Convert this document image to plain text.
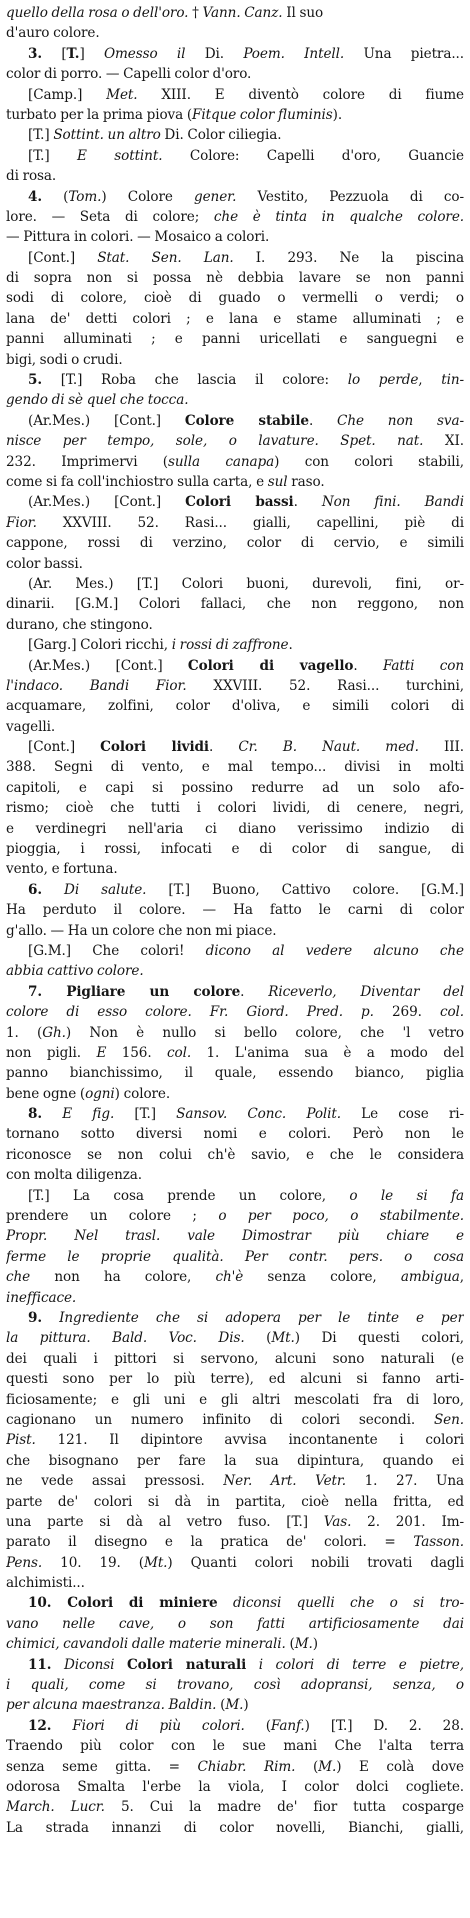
quello della rosa o dell'oro. † Vann. Canz. Il suo
d'auro colore.
3. [T.] Omesso il Di. Poem. Intell. Una pietra...
color di porro. — Capelli color d'oro.
[Camp.] Met. XIII. E diventò colore di fiume
turbato per la prima piova (Fitque color fluminis).
[T.] Sottint. un altro Di. Color ciliegia.
[T.] E sottint. Colore: Capelli d'oro, Guancie
di rosa.
4. (Tom.) Colore gener. Vestito, Pezzuola di co-
lore. — Seta di colore; che è tinta in qualche colore.
— Pittura in colori. — Mosaico a colori.
[Cont.] Stat. Sen. Lan. I. 293. Ne la piscina
di sopra non si possa nè debbia lavare se non panni
sodi di colore, cioè di guado o vermelli o verdi; o
lana de' detti colori ; e lana e stame alluminati ; e
panni alluminati ; e panni uricellati e sanguegni e
bigi, sodi o crudi.
5. [T.] Roba che lascia il colore: lo perde, tin-
gendo di sè quel che tocca.
(Ar.Mes.) [Cont.] Colore stabile. Che non sva-
nisce per tempo, sole, o lavature. Spet. nat. XI.
232. Imprimervi (sulla canapa) con colori stabili,
come si fa coll'inchiostro sulla carta, e sul raso.
(Ar.Mes.) [Cont.] Colori bassi. Non fini. Bandi
Fior. XXVIII. 52. Rasi... gialli, capellini, piè di
cappone, rossi di verzino, color di cervio, e simili
color bassi.
(Ar. Mes.) [T.] Colori buoni, durevoli, fini, or-
dinarii. [G.M.] Colori fallaci, che non reggono, non
durano, che stingono.
[Garg.] Colori ricchi, i rossi di zaffrone.
(Ar.Mes.) [Cont.] Colori di vagello. Fatti con
l'indaco. Bandi Fior. XXVIII. 52. Rasi... turchini,
acquamare, zolfini, color d'oliva, e simili colori di
vagelli.
[Cont.] Colori lividi. Cr. B. Naut. med. III.
388. Segni di vento, e mal tempo... divisi in molti
capitoli, e capi si possino redurre ad un solo afo-
rismo; cioè che tutti i colori lividi, di cenere, negri,
e verdinegri nell'aria ci diano verissimo indizio di
pioggia, i rossi, infocati e di color di sangue, di
vento, e fortuna.
6. Di salute. [T.] Buono, Cattivo colore. [G.M.]
Ha perduto il colore. — Ha fatto le carni di color
g'allo. — Ha un colore che non mi piace.
[G.M.] Che colori! dicono al vedere alcuno che
abbia cattivo colore.
7. Pigliare un colore. Riceverlo, Diventar del
colore di esso colore. Fr. Giord. Pred. p. 269. col.
1. (Gh.) Non è nullo si bello colore, che 'l vetro
non pigli. E 156. col. 1. L'anima sua è a modo del
panno bianchissimo, il quale, essendo bianco, piglia
bene ogne (ogni) colore.
8. E fig. [T.] Sansov. Conc. Polit. Le cose ri-
tornano sotto diversi nomi e colori. Però non le
riconosce se non colui ch'è savio, e che le considera
con molta diligenza.
[T.] La cosa prende un colore, o le si fa
prendere un colore ; o per poco, o stabilmente.
Propr. Nel trasl. vale Dimostrar più chiare e
ferme le proprie qualità. Per contr. pers. o cosa
che non ha colore, ch'è senza colore, ambigua,
inefficace.
9. Ingrediente che si adopera per le tinte e per
la pittura. Bald. Voc. Dis. (Mt.) Di questi colori,
dei quali i pittori si servono, alcuni sono naturali (e
questi sono per lo più terre), ed alcuni si fanno arti-
ficiosamente; e gli uni e gli altri mescolati fra di loro,
cagionano un numero infinito di colori secondi. Sen.
Pist. 121. Il dipintore avvisa incontanente i colori
che bisognano per fare la sua dipintura, quando ei
ne vede assai pressosi. Ner. Art. Vetr. 1. 27. Una
parte de' colori si dà in partita, cioè nella fritta, ed
una parte si dà al vetro fuso. [T.] Vas. 2. 201. Im-
parato il disegno e la pratica de' colori. = Tasson.
Pens. 10. 19. (Mt.) Quanti colori nobili trovati dagli
alchimisti...
10. Colori di miniere diconsi quelli che o si tro-
vano nelle cave, o son fatti artificiosamente dai
chimici, cavandoli dalle materie minerali. (M.)
11. Diconsi Colori naturali i colori di terre e pietre,
i quali, come si trovano, così adopransi, senza, o
per alcuna maestranza. Baldin. (M.)
12. Fiori di più colori. (Fanf.) [T.] D. 2. 28.
Traendo più color con le sue mani Che l'alta terra
senza seme gitta. = Chiabr. Rim. (M.) E colà dove
odorosa Smalta l'erbe la viola, I color dolci cogliete.
March. Lucr. 5. Cui la madre de' fior tutta cosparge
La strada innanzi di color novelli, Bianchi, gialli,
